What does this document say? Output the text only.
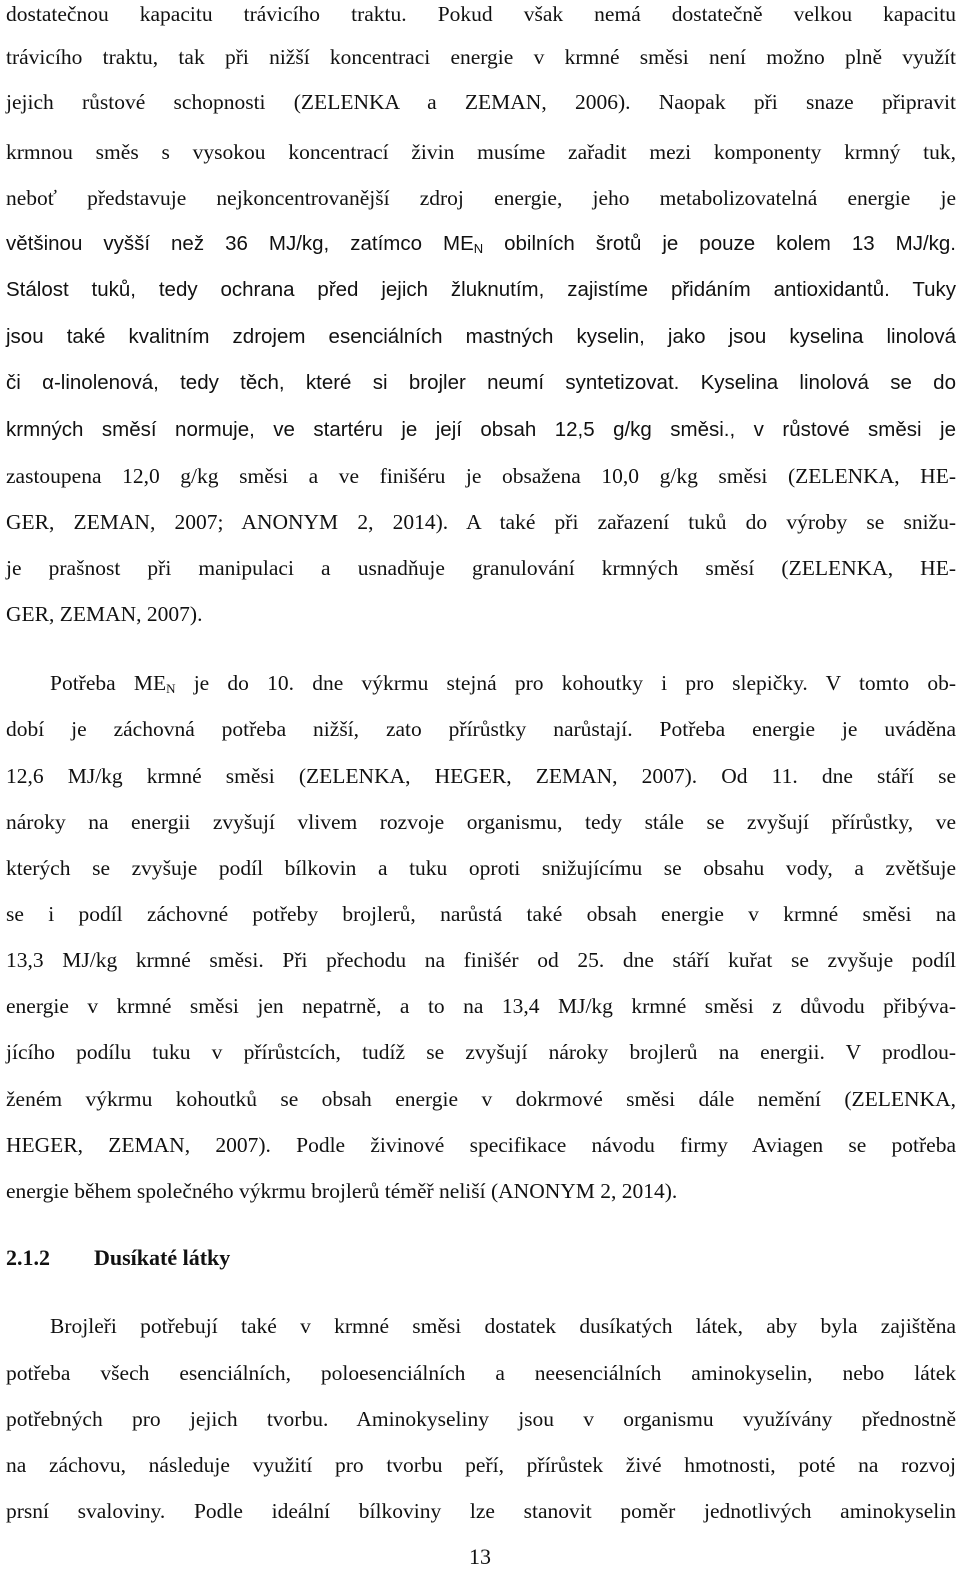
dostatečnou kapacitu trávicího traktu. Pokud však nemá dostatečně velkou kapacitu
trávicího traktu, tak při nižší koncentraci energie v krmné směsi není možno plně využít
jejich růstové schopnosti (ZELENKA a ZEMAN, 2006). Naopak při snaze připravit
krmnou směs s vysokou koncentrací živin musíme zařadit mezi komponenty krmný tuk,
neboť představuje nejkoncentrovanější zdroj energie, jeho metabolizovatelná energie je
většinou vyšší než 36 MJ/kg, zatímco $ME_N$ obilních šrotů je pouze kolem 13 MJ/kg.
Stálost tuků, tedy ochrana před jejich žluknutím, zajistíme přidáním antioxidantů. Tuky
jsou také kvalitním zdrojem esenciálních mastných kyselin, jako jsou kyselina linolová
či α-linolenová, tedy těch, které si brojler neumí syntetizovat. Kyselina linolová se do
krmných směsí normuje, ve startéru je její obsah 12,5 g/kg směsi., v růstové směsi je
zastoupena 12,0 g/kg směsi a ve finišéru je obsažena 10,0 g/kg směsi (ZELENKA, HE-
GER, ZEMAN, 2007; ANONYM 2, 2014). A také při zařazení tuků do výroby se snižu-
je prašnost při manipulaci a usnadňuje granulování krmných směsí (ZELENKA, HE-
GER, ZEMAN, 2007).
Potřeba $ME_N$ je do 10. dne výkrmu stejná pro kohoutky i pro slepičky. V tomto ob-
dobí je záchovná potřeba nižší, zato přírůstky narůstají. Potřeba energie je uváděna
12,6 MJ/kg krmné směsi (ZELENKA, HEGER, ZEMAN, 2007). Od 11. dne stáří se
nároky na energii zvyšují vlivem rozvoje organismu, tedy stále se zvyšují přírůstky, ve
kterých se zvyšuje podíl bílkovin a tuku oproti snižujícímu se obsahu vody, a zvětšuje
se i podíl záchovné potřeby brojlerů, narůstá také obsah energie v krmné směsi na
13,3 MJ/kg krmné směsi. Při přechodu na finišér od 25. dne stáří kuřat se zvyšuje podíl
energie v krmné směsi jen nepatrně, a to na 13,4 MJ/kg krmné směsi z důvodu přibýva-
jícího podílu tuku v přírůstcích, tudíž se zvyšují nároky brojlerů na energii. V prodlou-
ženém výkrmu kohoutků se obsah energie v dokrmové směsi dále nemění (ZELENKA,
HEGER, ZEMAN, 2007). Podle živinové specifikace návodu firmy Aviagen se potřeba
energie během společného výkrmu brojlerů téměř neliší (ANONYM 2, 2014).
2.1.2 Dusíkaté látky
Brojleři potřebují také v krmné směsi dostatek dusíkatých látek, aby byla zajištěna
potřeba všech esenciálních, poloesenciálních a neesenciálních aminokyselin, nebo látek
potřebných pro jejich tvorbu. Aminokyseliny jsou v organismu využívány přednostně
na záchovu, následuje využití pro tvorbu peří, přírůstek živé hmotnosti, poté na rozvoj
prsní svaloviny. Podle ideální bílkoviny lze stanovit poměr jednotlivých aminokyselin
13
